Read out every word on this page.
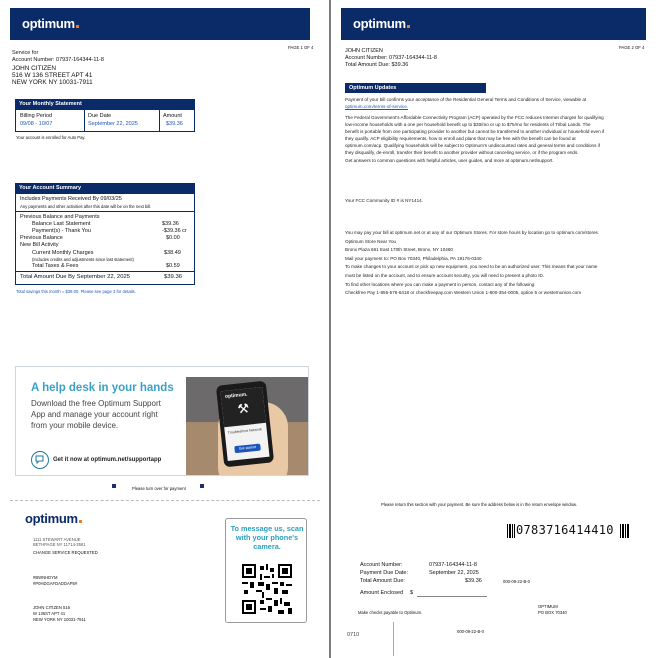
optimum
PAGE 1 OF 4
Service for
Account Number: 07937-164344-11-8
JOHN CITIZEN
516 W 136 STREET APT 41
NEW YORK NY 10031-7911
Your Monthly Statement
Billing Period	Due Date	Amount
09/08 - 10/07	September 22, 2025	$39.36
Your account is enrolled for Auto Pay.
Your Account Summary
Includes Payments Received By 09/03/25
Any payments and other activities after this date will be on the next bill.
Previous Balance and Payments
Balance Last Statement	$39.36
Payment(s) - Thank You	-$39.36 cr
Previous Balance	$0.00
New Bill Activity
Current Monthly Charges	$38.49
(Includes credits and adjustments since last statement)
Total Taxes & Fees	$0.59
Total Amount Due By September 22, 2025	$39.36
Total savings this month = $38.00. Please see page 3 for details.
A help desk in your hands
Download the free Optimum Support App and manage your account right from your mobile device.
Get it now at optimum.net/supportapp
optimum.
⚒
Troubleshoot Network
Get started
Please turn over for payment
optimum
1111 STEWART AVENUE
BETHPAGE NY 11714-3581
CHANGE SERVICE REQUESTED
#BWNHDYM
#P0HDGAFDADDAP5#
JOHN CITIZEN 516
W 136ST APT 41
NEW YORK NY 10031-7911
To message us, scan with your phone's camera.
optimum
PAGE 2 OF 4
JOHN CITIZEN
Account Number: 07937-164344-11-8
Total Amount Due: $39.36
Optimum Updates
Payment of your bill confirms your acceptance of the Residential General Terms and Conditions of Service, viewable at
optimum.com/terms-of-service.
The Federal Government's Affordable Connectivity Program (ACP) operated by the FCC reduces Internet charges for qualifying
low-income households with a one per household benefit up to $30/mo or up to $75/mo for residents of Tribal Lands. The
benefit is portable from one participating provider to another but cannot be transferred to another individual or household even if
they qualify. ACP eligibility requirements, how to enroll and plans that may be free with the benefit can be found at
optimum.com/acp. Qualifying households will be subject to Optimum's undiscounted rates and general terms and conditions if
they disqualify, de-enroll, transfer their benefit to another provider without canceling service, or if the program ends.
Get answers to common questions with helpful articles, user guides, and more at optimum.net/support.
Your FCC Community ID # is NY1414.
You may pay your bill at optimum.net or at any of our Optimum Stores. For store hours by location go to optimum.com/stores.
Optimum Store Near You
Bronx Plaza 661 East 170th Street, Bronx, NY 10460
Mail your payment to: PO Box 70340, Philadelphia, PA 19176-0340
To make changes to your account or pick up new equipment, you need to be an authorized user. This means that your name
must be listed on the account, and to ensure account security, you will need to present a photo ID.
To find other locations where you can make a payment in person, contact any of the following:
Checkfree Pay 1-855-576-6418 or checkfreepay.com Western Union 1-800-354-0005, option 5 or westernunion.com
Please return this section with your payment. Be sure the address below is in the return envelope window.
0783716414410
Account Number:	07937-164344-11-8
Payment Due Date:	September 22, 2025
Total Amount Due:	$39.36	000-09-22-B-0
Amount Enclosed $
Make checks payable to Optimum.
OPTIMUM
PO BOX 70340
0710
000-09-22-B-0
